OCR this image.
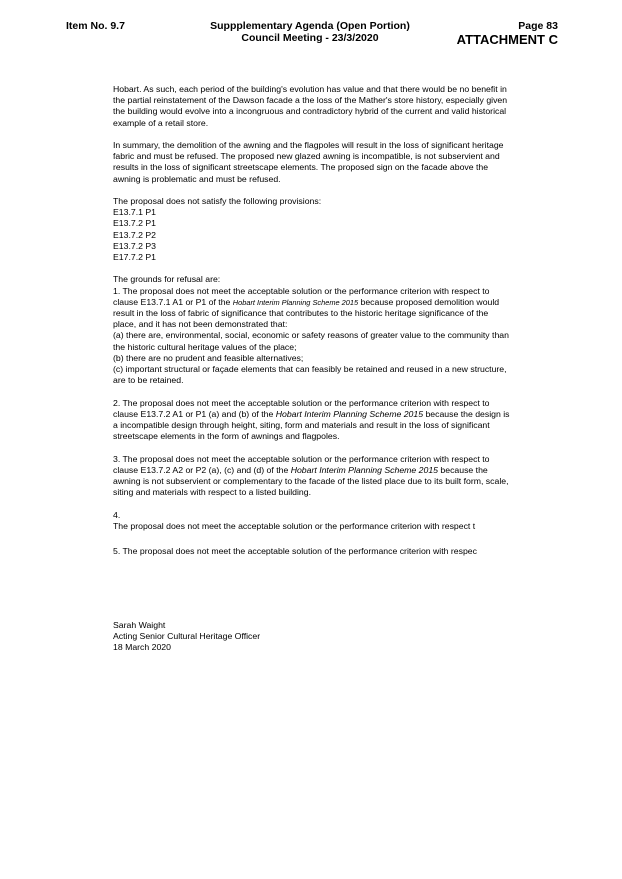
Item No. 9.7	Suppplementary Agenda (Open Portion)
Council Meeting - 23/3/2020
Page 83
ATTACHMENT C

Hobart. As such, each period of the building's evolution has value and that there would be no benefit in the partial reinstatement of the Dawson facade a the loss of the Mather's store history, especially given the building would evolve into a incongruous and contradictory hybrid of the current and valid historical example of a retail store.

In summary, the demolition of the awning and the flagpoles will result in the loss of significant heritage fabric and must be refused. The proposed new glazed awning is incompatible, is not subservient and results in the loss of significant streetscape elements. The proposed sign on the facade above the awning is problematic and must be refused.

The proposal does not satisfy the following provisions:
E13.7.1 P1
E13.7.2 P1
E13.7.2 P2
E13.7.2 P3
E17.7.2 P1

The grounds for refusal are:
1. The proposal does not meet the acceptable solution or the performance criterion with respect to clause E13.7.1 A1 or P1 of the Hobart Interim Planning Scheme 2015 because proposed demolition would result in the loss of fabric of significance that contributes to the historic heritage significance of the place, and it has not been demonstrated that:
(a) there are, environmental, social, economic or safety reasons of greater value to the community than the historic cultural heritage values of the place;
(b) there are no prudent and feasible alternatives;
(c) important structural or façade elements that can feasibly be retained and reused in a new structure, are to be retained.

2. The proposal does not meet the acceptable solution or the performance criterion with respect to clause E13.7.2 A1 or P1 (a) and (b) of the Hobart Interim Planning Scheme 2015 because the design is a incompatible design through height, siting, form and materials and result in the loss of significant streetscape elements in the form of awnings and flagpoles.

3. The proposal does not meet the acceptable solution or the performance criterion with respect to clause E13.7.2 A2 or P2 (a), (c) and (d) of the Hobart Interim Planning Scheme 2015 because the awning is not subservient or complementary to the facade of the listed place due to its built form, scale, siting and materials with respect to a listed building.

4.
The proposal does not meet the acceptable solution or the performance criterion with respect t

5. The proposal does not meet the acceptable solution of the performance criterion with respec

Sarah Waight
Acting Senior Cultural Heritage Officer
18 March 2020
